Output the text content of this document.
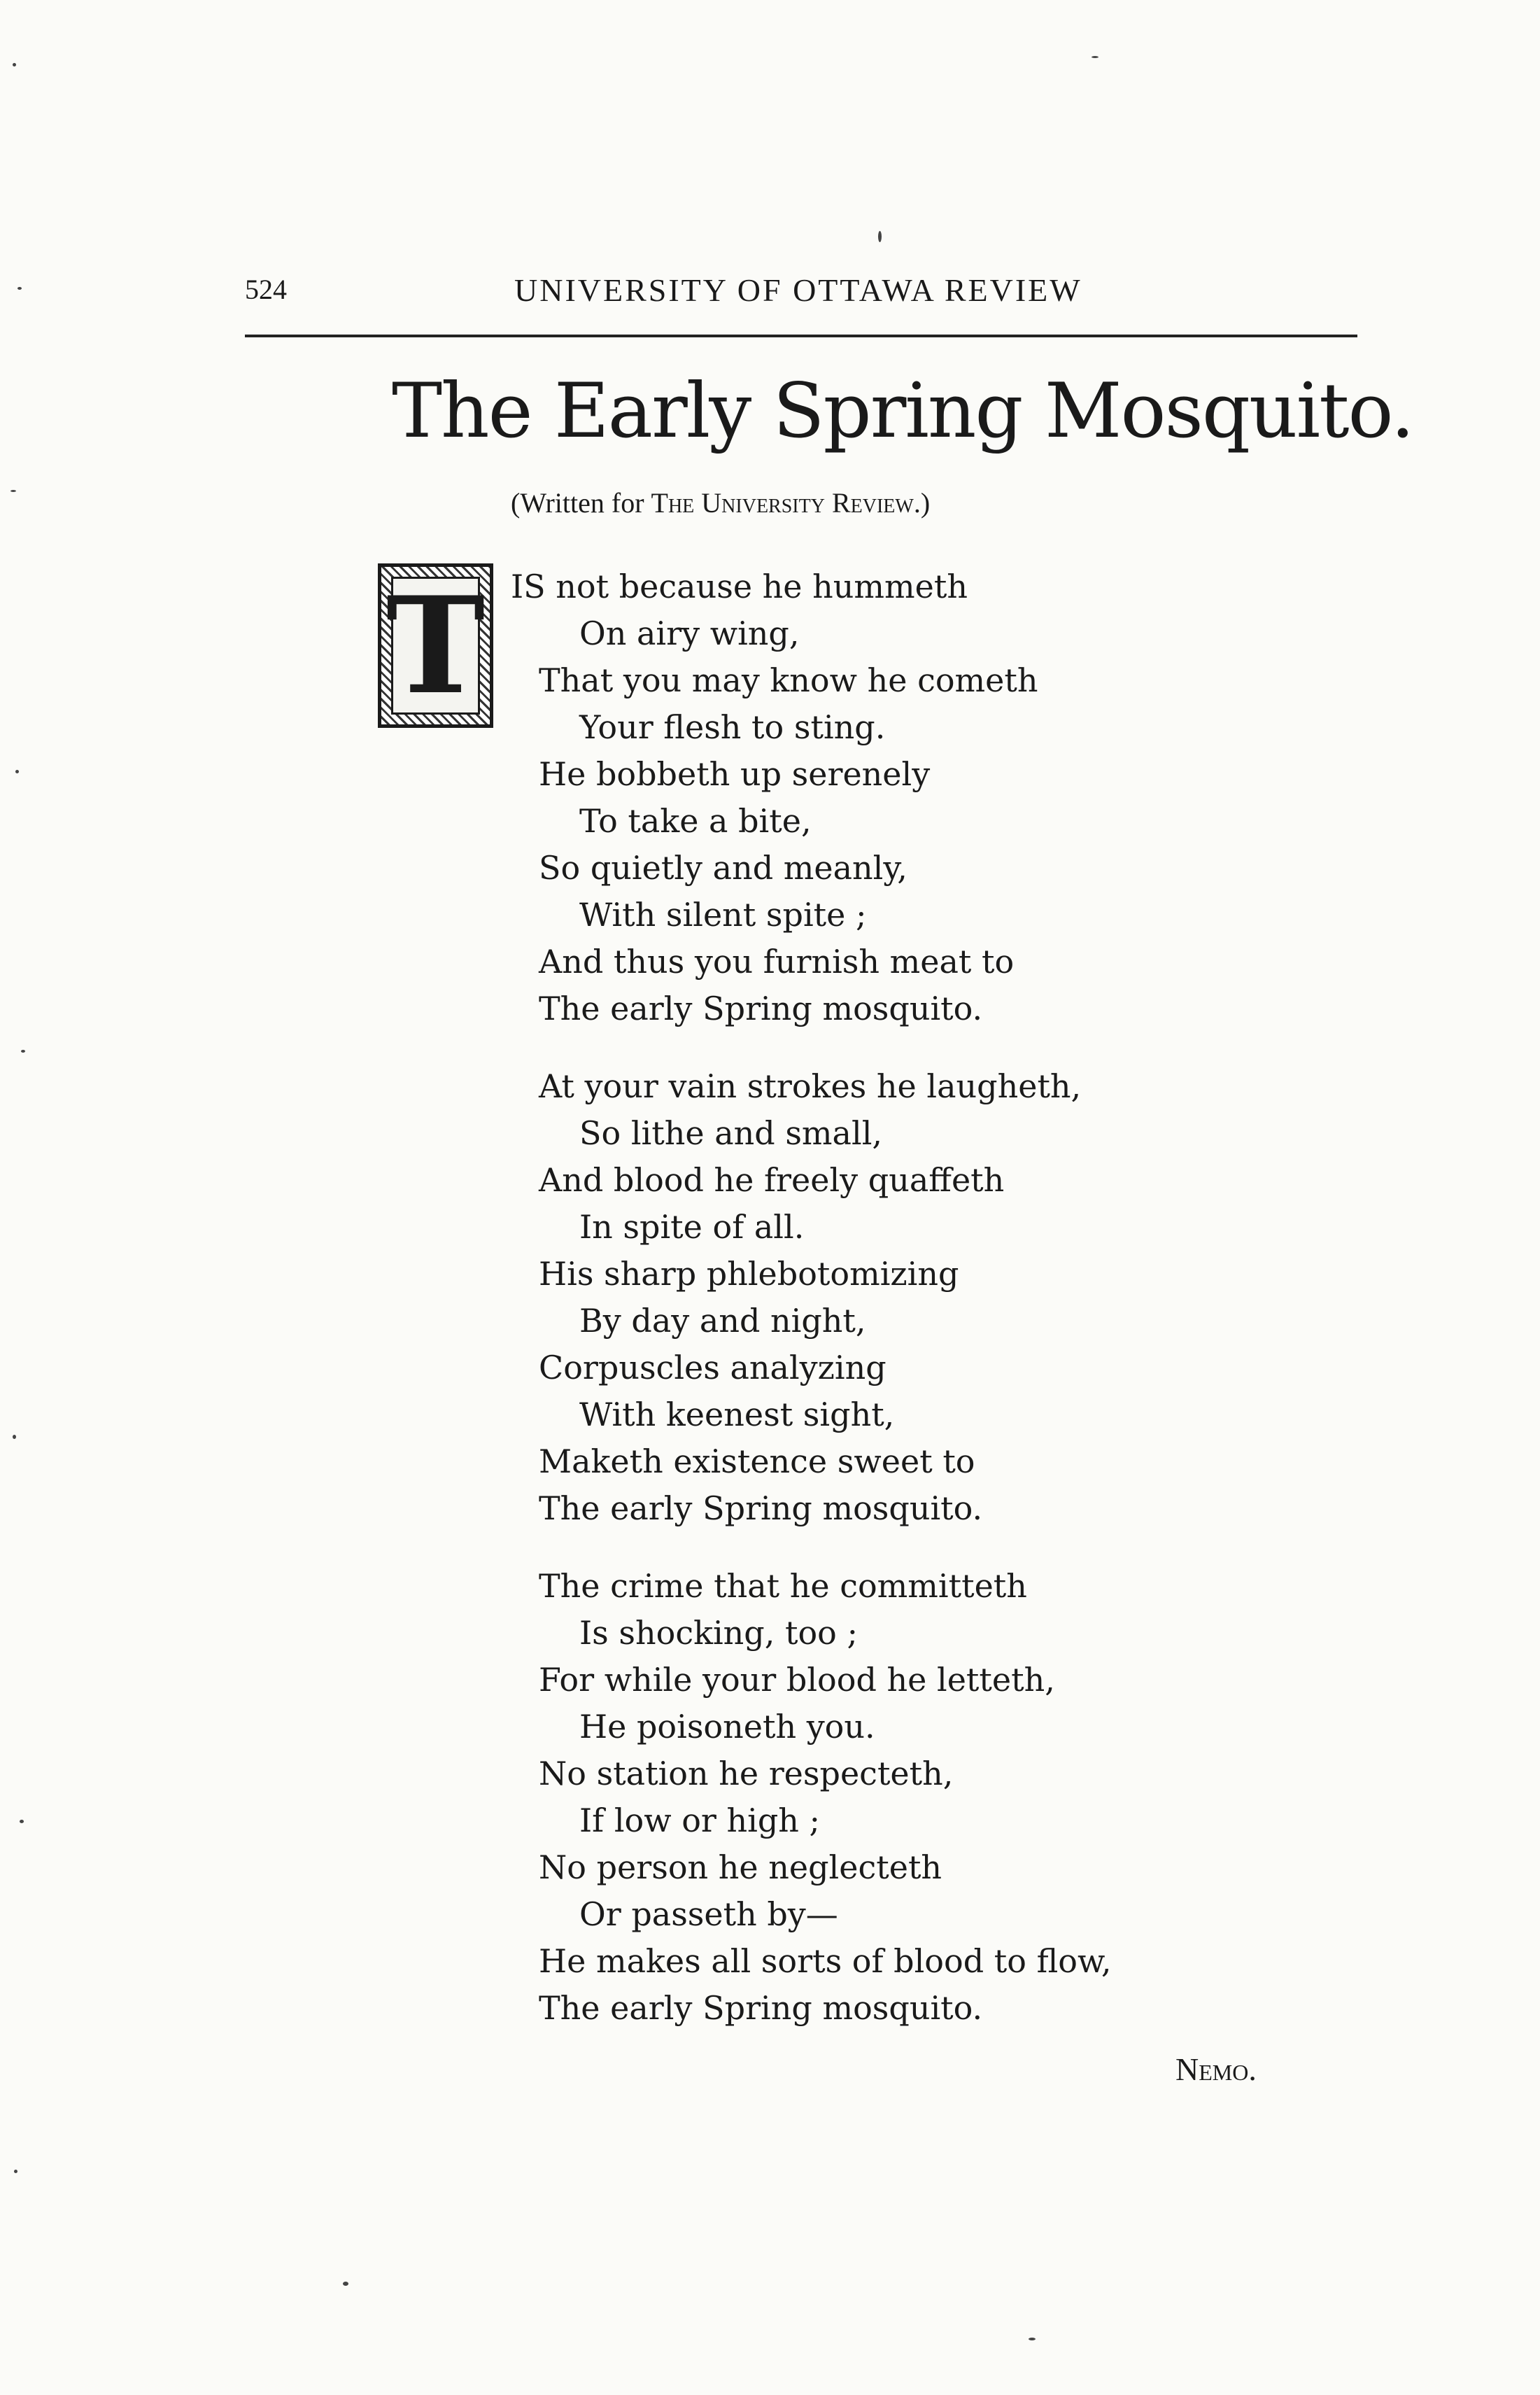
524	UNIVERSITY OF OTTAWA REVIEW
The Early Spring Mosquito.
(Written for The University Review.)
T IS not because he hummeth
On airy wing,
That you may know he cometh
Your flesh to sting.
He bobbeth up serenely
To take a bite,
So quietly and meanly,
With silent spite ;
And thus you furnish meat to
The early Spring mosquito.
At your vain strokes he laugheth,
So lithe and small,
And blood he freely quaffeth
In spite of all.
His sharp phlebotomizing
By day and night,
Corpuscles analyzing
With keenest sight,
Maketh existence sweet to
The early Spring mosquito.
The crime that he committeth
Is shocking, too ;
For while your blood he letteth,
He poisoneth you.
No station he respecteth,
If low or high ;
No person he neglecteth
Or passeth by—
He makes all sorts of blood to flow,
The early Spring mosquito.
Nemo.
